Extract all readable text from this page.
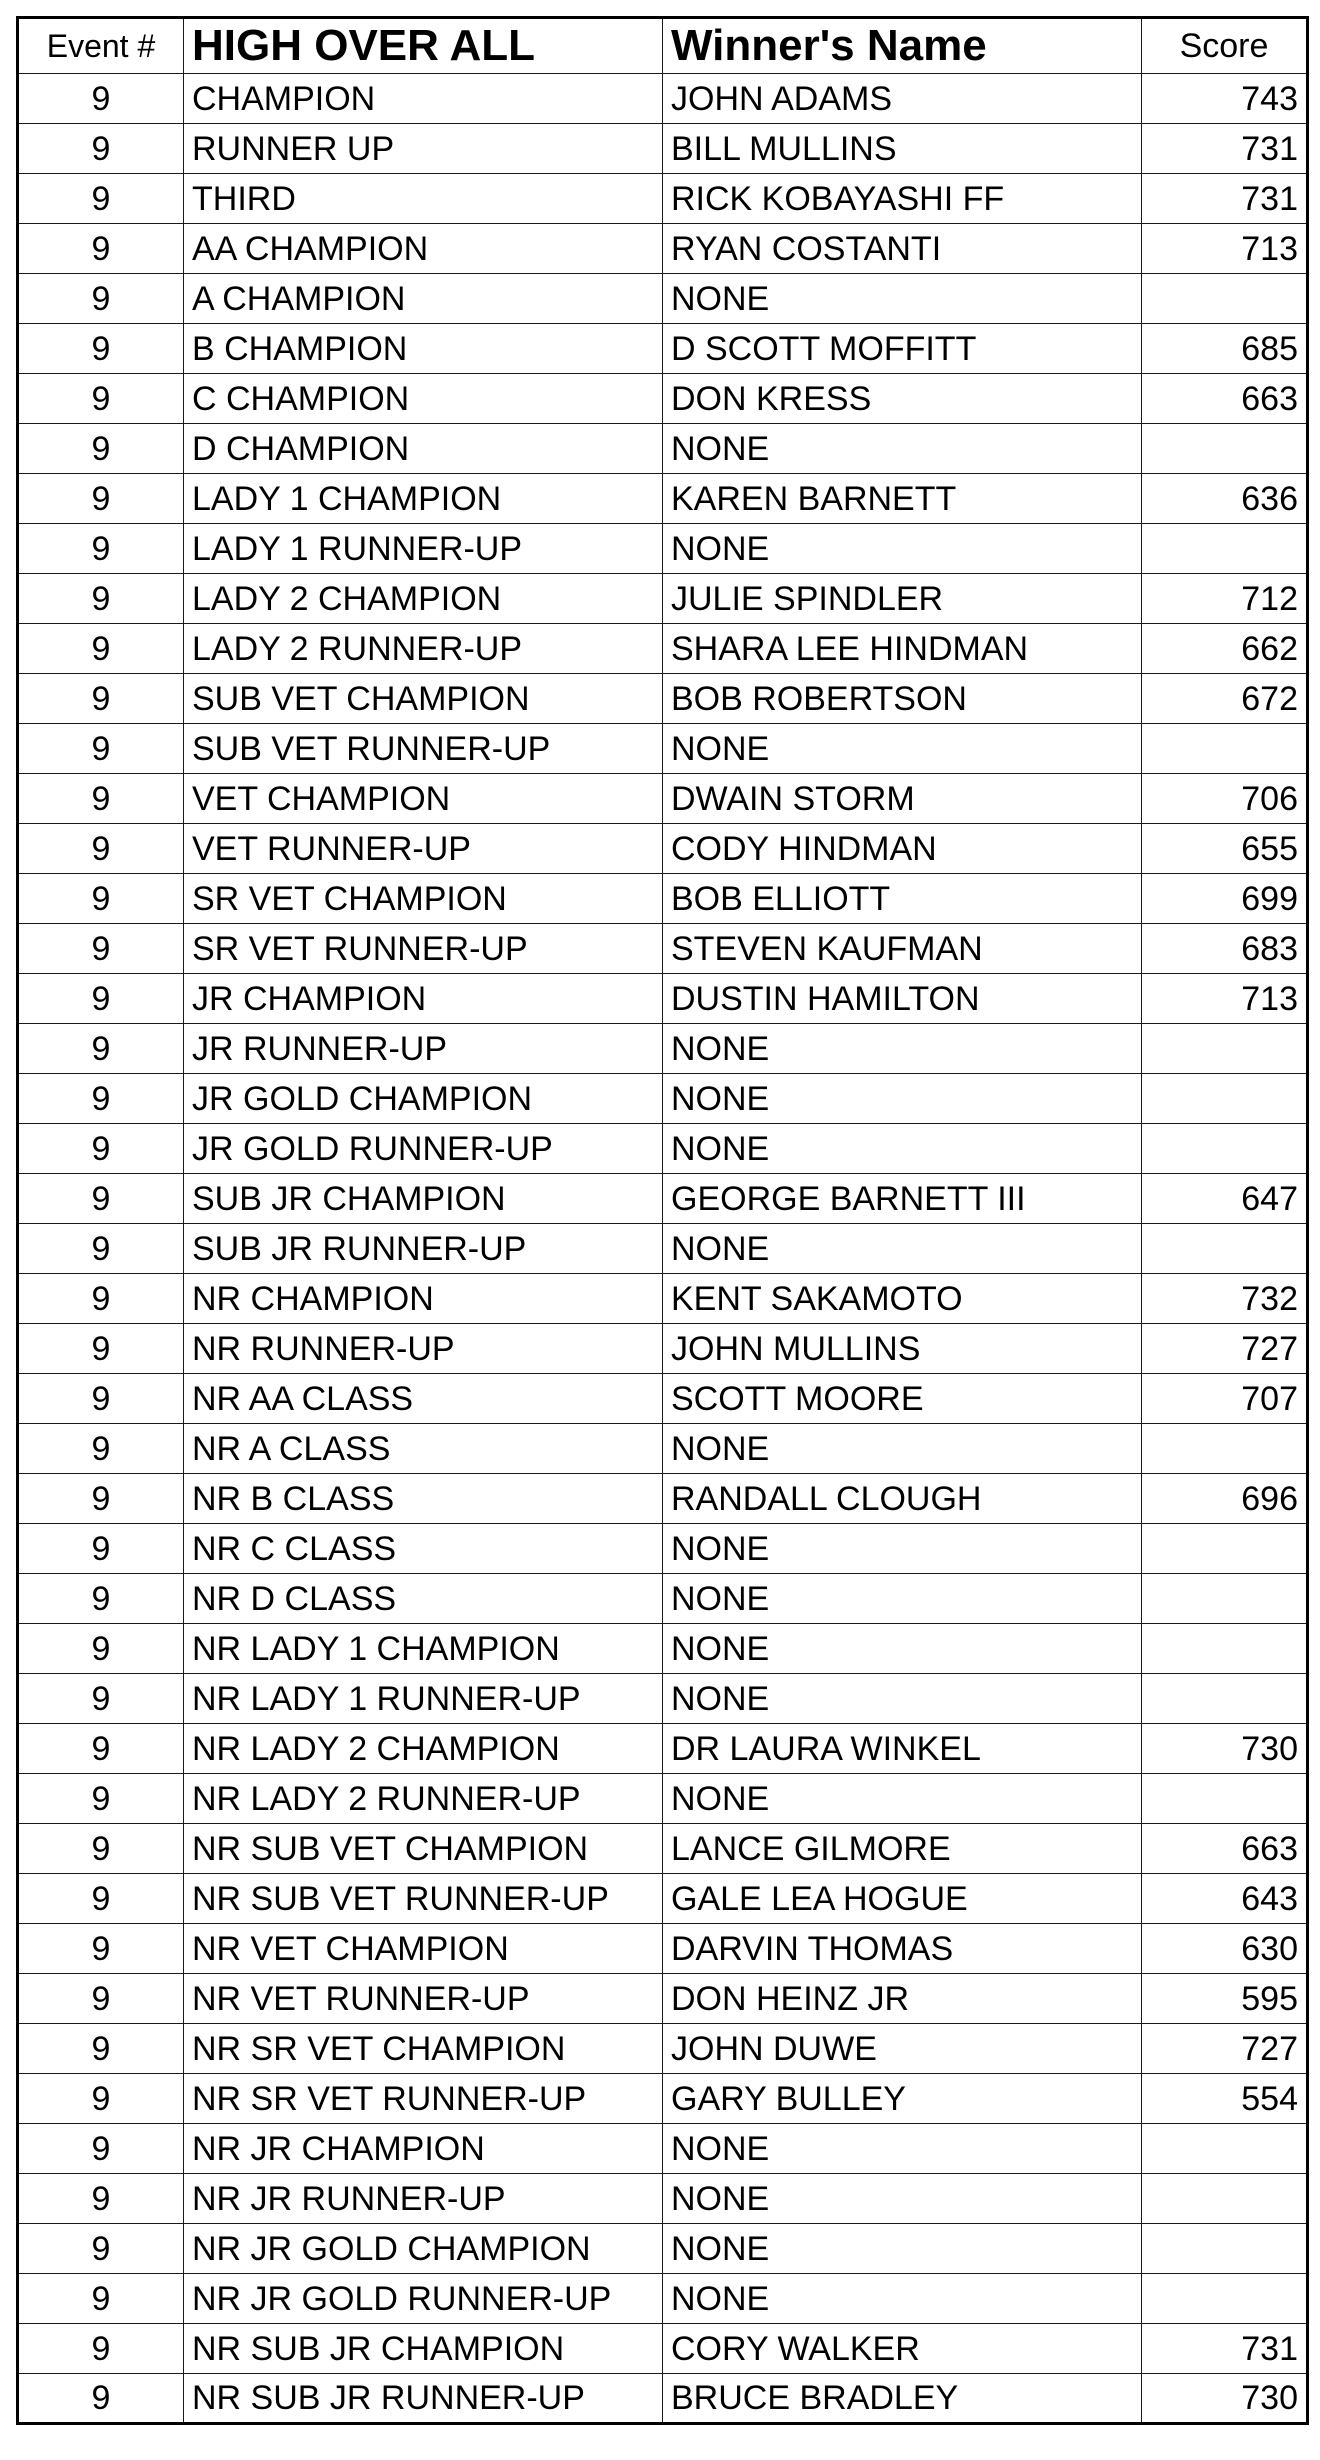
Event #	HIGH OVER ALL	Winner's Name	Score
9	CHAMPION	JOHN ADAMS	743
9	RUNNER UP	BILL MULLINS	731
9	THIRD	RICK KOBAYASHI FF	731
9	AA CHAMPION	RYAN COSTANTI	713
9	A CHAMPION	NONE	
9	B CHAMPION	D SCOTT MOFFITT	685
9	C CHAMPION	DON KRESS	663
9	D CHAMPION	NONE	
9	LADY 1 CHAMPION	KAREN BARNETT	636
9	LADY 1 RUNNER-UP	NONE	
9	LADY 2 CHAMPION	JULIE SPINDLER	712
9	LADY 2 RUNNER-UP	SHARA LEE HINDMAN	662
9	SUB VET CHAMPION	BOB ROBERTSON	672
9	SUB VET RUNNER-UP	NONE	
9	VET CHAMPION	DWAIN STORM	706
9	VET RUNNER-UP	CODY HINDMAN	655
9	SR VET CHAMPION	BOB ELLIOTT	699
9	SR VET RUNNER-UP	STEVEN KAUFMAN	683
9	JR CHAMPION	DUSTIN HAMILTON	713
9	JR RUNNER-UP	NONE	
9	JR GOLD CHAMPION	NONE	
9	JR GOLD RUNNER-UP	NONE	
9	SUB JR CHAMPION	GEORGE BARNETT III	647
9	SUB JR RUNNER-UP	NONE	
9	NR CHAMPION	KENT SAKAMOTO	732
9	NR RUNNER-UP	JOHN MULLINS	727
9	NR AA CLASS	SCOTT MOORE	707
9	NR A CLASS	NONE	
9	NR B CLASS	RANDALL CLOUGH	696
9	NR C CLASS	NONE	
9	NR D CLASS	NONE	
9	NR LADY 1 CHAMPION	NONE	
9	NR LADY 1 RUNNER-UP	NONE	
9	NR LADY 2 CHAMPION	DR LAURA WINKEL	730
9	NR LADY 2 RUNNER-UP	NONE	
9	NR SUB VET CHAMPION	LANCE GILMORE	663
9	NR SUB VET RUNNER-UP	GALE LEA HOGUE	643
9	NR VET CHAMPION	DARVIN THOMAS	630
9	NR VET RUNNER-UP	DON HEINZ JR	595
9	NR SR VET CHAMPION	JOHN DUWE	727
9	NR SR VET RUNNER-UP	GARY BULLEY	554
9	NR JR CHAMPION	NONE	
9	NR JR RUNNER-UP	NONE	
9	NR JR GOLD CHAMPION	NONE	
9	NR JR GOLD RUNNER-UP	NONE	
9	NR SUB JR CHAMPION	CORY WALKER	731
9	NR SUB JR RUNNER-UP	BRUCE BRADLEY	730
